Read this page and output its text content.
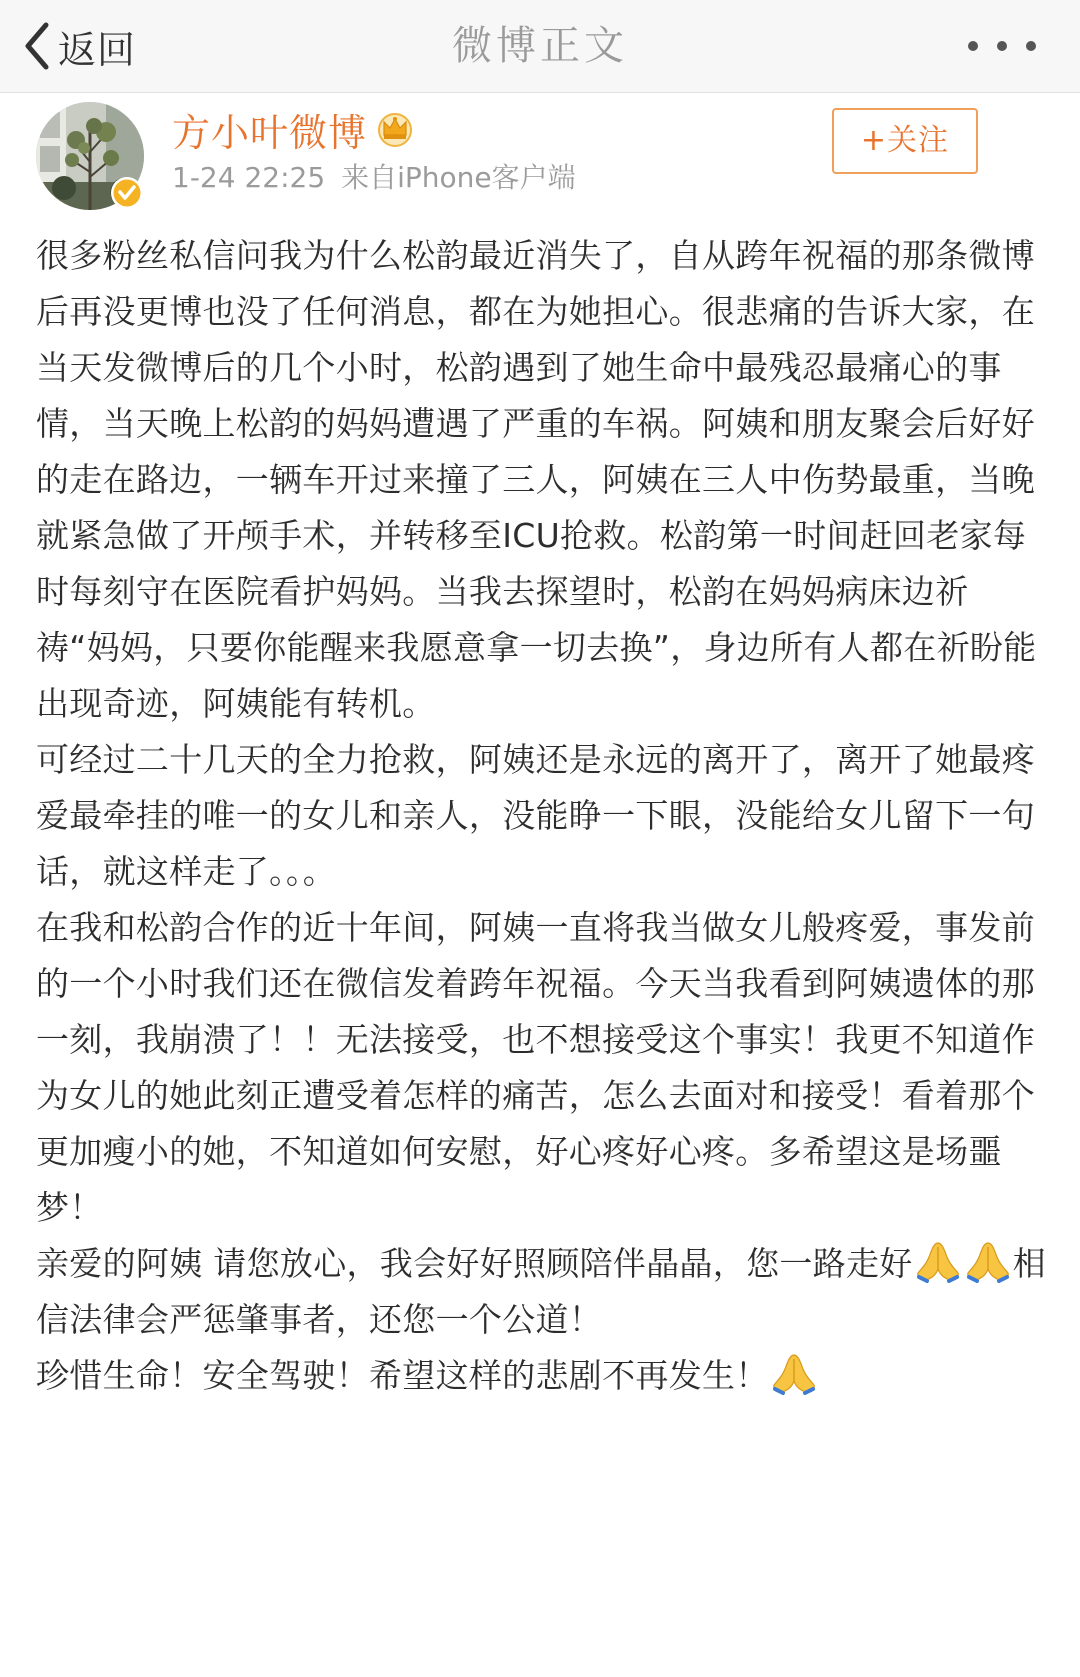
返回	微博正文
方小叶微博
1-24 22:25 来自iPhone客户端
+关注

很多粉丝私信问我为什么松韵最近消失了，自从跨年祝福的那条微博后再没更博也没了任何消息，都在为她担心。很悲痛的告诉大家，在当天发微博后的几个小时，松韵遇到了她生命中最残忍最痛心的事情，当天晚上松韵的妈妈遭遇了严重的车祸。阿姨和朋友聚会后好好的走在路边，一辆车开过来撞了三人，阿姨在三人中伤势最重，当晚就紧急做了开颅手术，并转移至ICU抢救。松韵第一时间赶回老家每时每刻守在医院看护妈妈。当我去探望时，松韵在妈妈病床边祈祷“妈妈，只要你能醒来我愿意拿一切去换”，身边所有人都在祈盼能出现奇迹，阿姨能有转机。

可经过二十几天的全力抢救，阿姨还是永远的离开了，离开了她最疼爱最牵挂的唯一的女儿和亲人，没能睁一下眼，没能给女儿留下一句话，就这样走了。。。

在我和松韵合作的近十年间，阿姨一直将我当做女儿般疼爱，事发前的一个小时我们还在微信发着跨年祝福。今天当我看到阿姨遗体的那一刻，我崩溃了！！无法接受，也不想接受这个事实！我更不知道作为女儿的她此刻正遭受着怎样的痛苦，怎么去面对和接受！看着那个更加瘦小的她，不知道如何安慰，好心疼好心疼。多希望这是场噩梦！

亲爱的阿姨 请您放心，我会好好照顾陪伴晶晶，您一路走好	相信法律会严惩肇事者，还您一个公道！

珍惜生命！安全驾驶！希望这样的悲剧不再发生！
